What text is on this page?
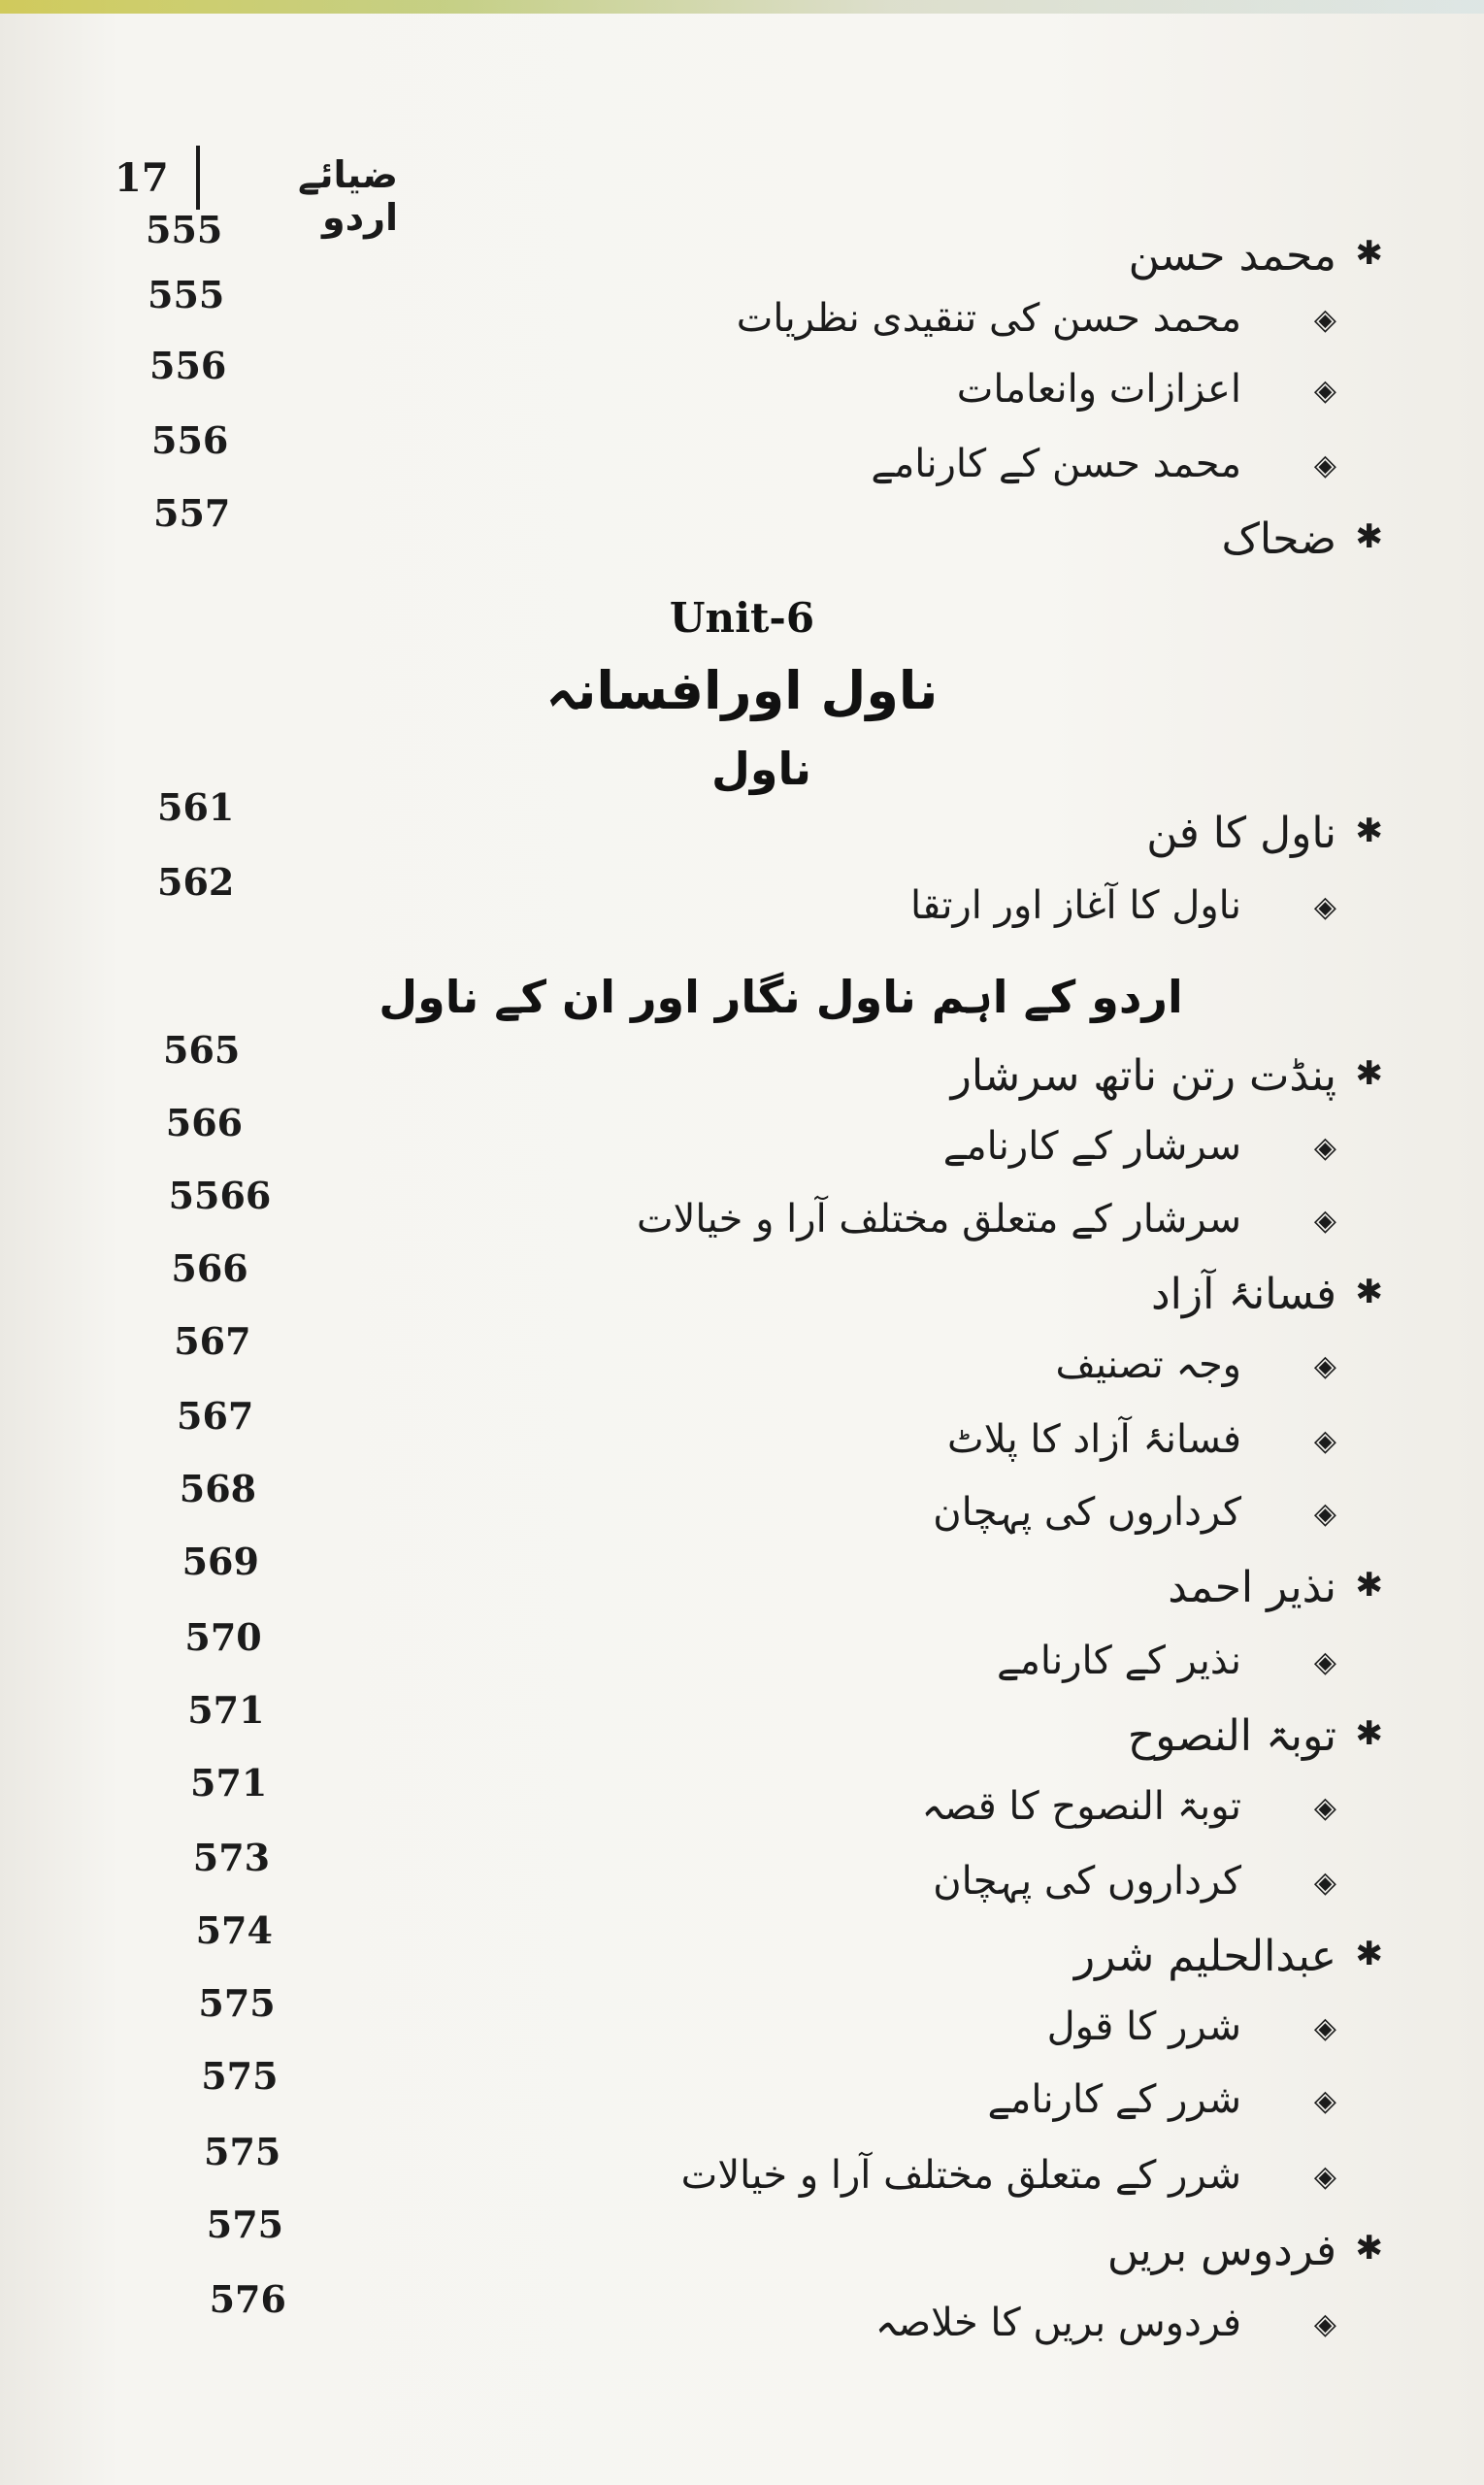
17	ضیائے اردو
✱
محمد حسن
555
◈
محمد حسن کی تنقیدی نظریات
555
◈
اعزازات وانعامات
556
◈
محمد حسن کے کارنامے
556
✱
ضحاک
557
Unit-6
ناول اورافسانہ
ناول
✱
ناول کا فن
561
◈
ناول کا آغاز اور ارتقا
562
اردو کے اہم ناول نگار اور ان کے ناول
✱
پنڈت رتن ناتھ سرشار
565
◈
سرشار کے کارنامے
566
◈
سرشار کے متعلق مختلف آرا و خیالات
5566
✱
فسانۂ آزاد
566
◈
وجہ تصنیف
567
◈
فسانۂ آزاد کا پلاٹ
567
◈
کرداروں کی پہچان
568
✱
نذیر احمد
569
◈
نذیر کے کارنامے
570
✱
توبۃ النصوح
571
◈
توبۃ النصوح کا قصہ
571
◈
کرداروں کی پہچان
573
✱
عبدالحلیم شرر
574
◈
شرر کا قول
575
◈
شرر کے کارنامے
575
◈
شرر کے متعلق مختلف آرا و خیالات
575
✱
فردوس بریں
575
◈
فردوس بریں کا خلاصہ
576
